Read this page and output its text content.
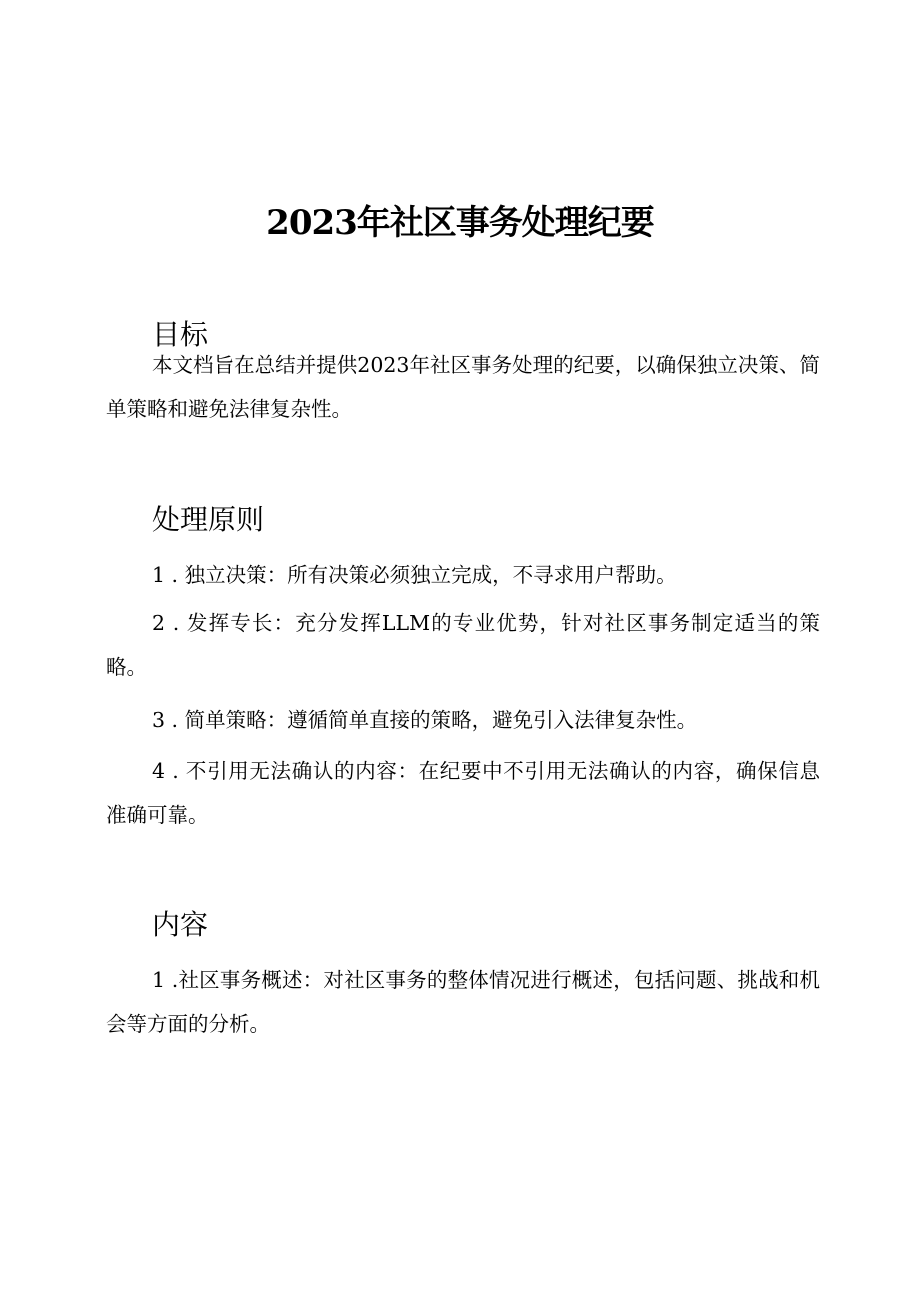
2023年社区事务处理纪要
目标

本文档旨在总结并提供2023年社区事务处理的纪要，以确保独立决策、简单策略和避免法律复杂性。

处理原则

1 . 独立决策：所有决策必须独立完成，不寻求用户帮助。

2 . 发挥专长：充分发挥LLM的专业优势，针对社区事务制定适当的策略。

3 . 简单策略：遵循简单直接的策略，避免引入法律复杂性。

4 . 不引用无法确认的内容：在纪要中不引用无法确认的内容，确保信息准确可靠。

内容

1 .社区事务概述：对社区事务的整体情况进行概述，包括问题、挑战和机会等方面的分析。
